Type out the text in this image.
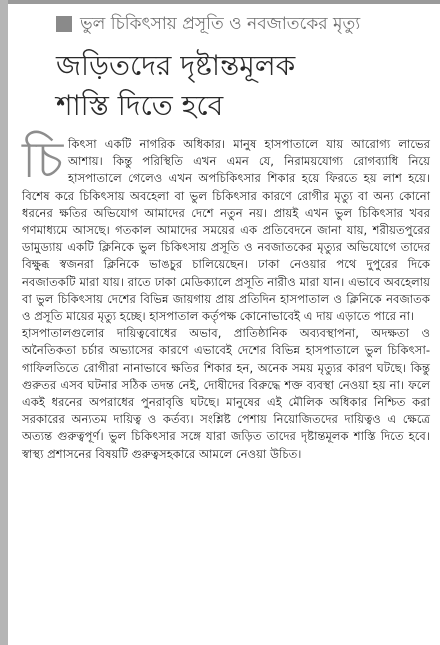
ভুল চিকিৎসায় প্রসূতি ও নবজাতকের মৃত্যু
জড়িতদের দৃষ্টান্তমূলক
শাস্তি দিতে হবে
চি কিৎসা একটি নাগরিক অধিকার। মানুষ হাসপাতালে যায় আরোগ্য লাভের আশায়। কিন্তু পরিস্থিতি এখন এমন যে, নিরাময়যোগ্য রোগব্যাধি নিয়ে হাসপাতালে গেলেও এখন অপচিকিৎসার শিকার হয়ে ফিরতে হয় লাশ হয়ে। বিশেষ করে চিকিৎসায় অবহেলা বা ভুল চিকিৎসার কারণে রোগীর মৃত্যু বা অন্য কোনো ধরনের ক্ষতির অভিযোগ আমাদের দেশে নতুন নয়। প্রায়ই এখন ভুল চিকিৎসার খবর গণমাধ্যমে আসছে। গতকাল আমাদের সময়ের এক প্রতিবেদনে জানা যায়, শরীয়তপুরের ডামুড্যায় একটি ক্লিনিকে ভুল চিকিৎসায় প্রসূতি ও নবজাতকের মৃত্যুর অভিযোগে তাদের বিক্ষুব্ধ স্বজনরা ক্লিনিকে ভাঙচুর চালিয়েছেন। ঢাকা নেওয়ার পথে দুপুরের দিকে নবজাতকটি মারা যায়। রাতে ঢাকা মেডিক্যালে প্রসূতি নারীও মারা যান। এভাবে অবহেলায় বা ভুল চিকিৎসায় দেশের বিভিন্ন জায়গায় প্রায় প্রতিদিন হাসপাতাল ও ক্লিনিকে নবজাতক ও প্রসূতি মায়ের মৃত্যু হচ্ছে। হাসপাতাল কর্তৃপক্ষ কোনোভাবেই এ দায় এড়াতে পারে না।

হাসপাতালগুলোর দায়িত্ববোধের অভাব, প্রাতিষ্ঠানিক অব্যবস্থাপনা, অদক্ষতা ও অনৈতিকতা চর্চার অভ্যাসের কারণে এভাবেই দেশের বিভিন্ন হাসপাতালে ভুল চিকিৎসা-গাফিলতিতে রোগীরা নানাভাবে ক্ষতির শিকার হন, অনেক সময় মৃত্যুর কারণ ঘটছে। কিন্তু গুরুতর এসব ঘটনার সঠিক তদন্ত নেই, দোষীদের বিরুদ্ধে শক্ত ব্যবস্থা নেওয়া হয় না। ফলে একই ধরনের অপরাধের পুনরাবৃত্তি ঘটছে। মানুষের এই মৌলিক অধিকার নিশ্চিত করা সরকারের অন্যতম দায়িত্ব ও কর্তব্য। সংশ্লিষ্ট পেশায় নিয়োজিতদের দায়িত্বও এ ক্ষেত্রে অত্যন্ত গুরুত্বপূর্ণ। ভুল চিকিৎসার সঙ্গে যারা জড়িত তাদের দৃষ্টান্তমূলক শাস্তি দিতে হবে। স্বাস্থ্য প্রশাসনের বিষয়টি গুরুত্বসহকারে আমলে নেওয়া উচিত।
